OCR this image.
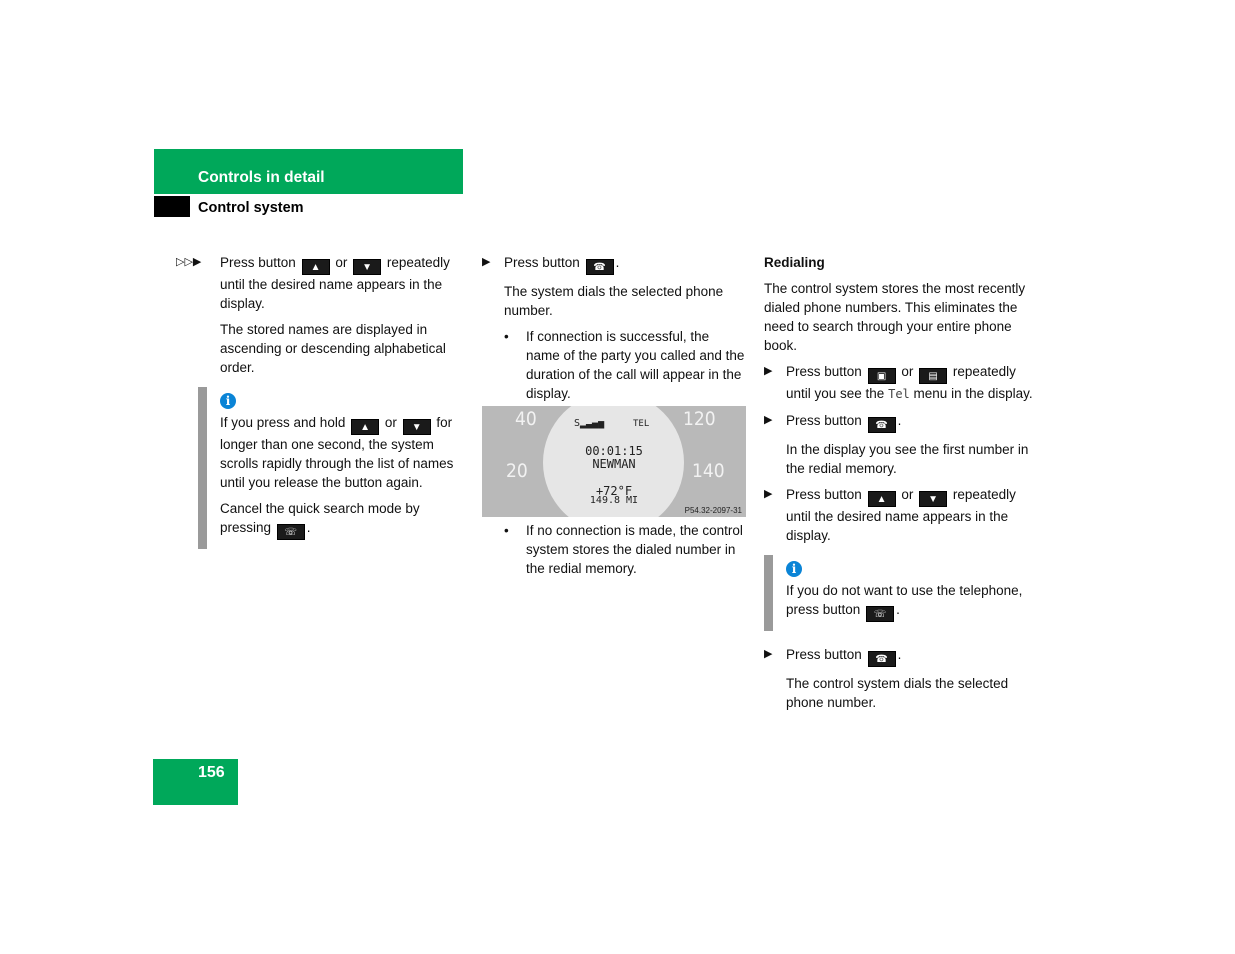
Controls in detail
Control system
▷▷▶ Press button ▲ or ▼ repeatedly until the desired name appears in the display.

The stored names are displayed in ascending or descending alphabetical order.

i

If you press and hold ▲ or ▼ for longer than one second, the system scrolls rapidly through the list of names until you release the button again.

Cancel the quick search mode by pressing ☏ .

▶ Press button ☎ .

The system dials the selected phone number.

• If connection is successful, the name of the party you called and the duration of the call will appear in the display.
40
20
120
140
S▂▃▄▅	TEL
00:01:15
NEWMAN
+72°F
149.8 MI
P54.32-2097-31
• If no connection is made, the control system stores the dialed number in the redial memory.
Redialing

The control system stores the most recently dialed phone numbers. This eliminates the need to search through your entire phone book.

▶ Press button ▣ or ▤ repeatedly until you see the Tel menu in the display.
▶ Press button ☎ .

In the display you see the first number in the redial memory.

▶ Press button ▲ or ▼ repeatedly until the desired name appears in the display.
i

If you do not want to use the telephone, press button ☏ .

▶ Press button ☎ .

The control system dials the selected phone number.

156
